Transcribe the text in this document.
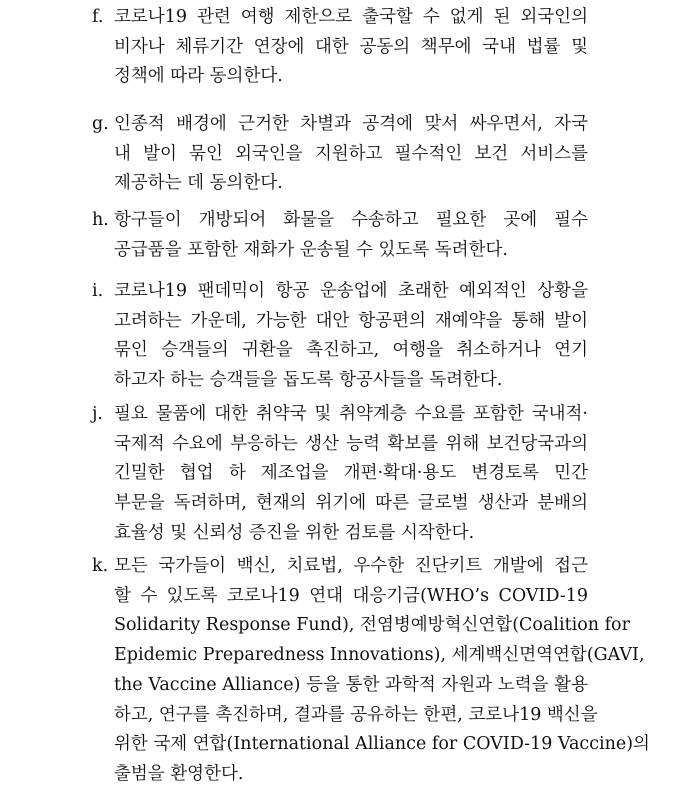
f. 코로나19 관련 여행 제한으로 출국할 수 없게 된 외국인의
비자나 체류기간 연장에 대한 공동의 책무에 국내 법률 및
정책에 따라 동의한다.
g. 인종적 배경에 근거한 차별과 공격에 맞서 싸우면서, 자국
내 발이 묶인 외국인을 지원하고 필수적인 보건 서비스를
제공하는 데 동의한다.
h. 항구들이 개방되어 화물을 수송하고 필요한 곳에 필수
공급품을 포함한 재화가 운송될 수 있도록 독려한다.
i. 코로나19 팬데믹이 항공 운송업에 초래한 예외적인 상황을
고려하는 가운데, 가능한 대안 항공편의 재예약을 통해 발이
묶인 승객들의 귀환을 촉진하고, 여행을 취소하거나 연기
하고자 하는 승객들을 돕도록 항공사들을 독려한다.
j. 필요 물품에 대한 취약국 및 취약계층 수요를 포함한 국내적·
국제적 수요에 부응하는 생산 능력 확보를 위해 보건당국과의
긴밀한 협업 하 제조업을 개편·확대·용도 변경토록 민간
부문을 독려하며, 현재의 위기에 따른 글로벌 생산과 분배의
효율성 및 신뢰성 증진을 위한 검토를 시작한다.
k. 모든 국가들이 백신, 치료법, 우수한 진단키트 개발에 접근
할 수 있도록 코로나19 연대 대응기금(WHO’s COVID-19
Solidarity Response Fund), 전염병예방혁신연합(Coalition for
Epidemic Preparedness Innovations), 세계백신면역연합(GAVI,
the Vaccine Alliance) 등을 통한 과학적 자원과 노력을 활용
하고, 연구를 촉진하며, 결과를 공유하는 한편, 코로나19 백신을
위한 국제 연합(International Alliance for COVID-19 Vaccine)의
출범을 환영한다.
